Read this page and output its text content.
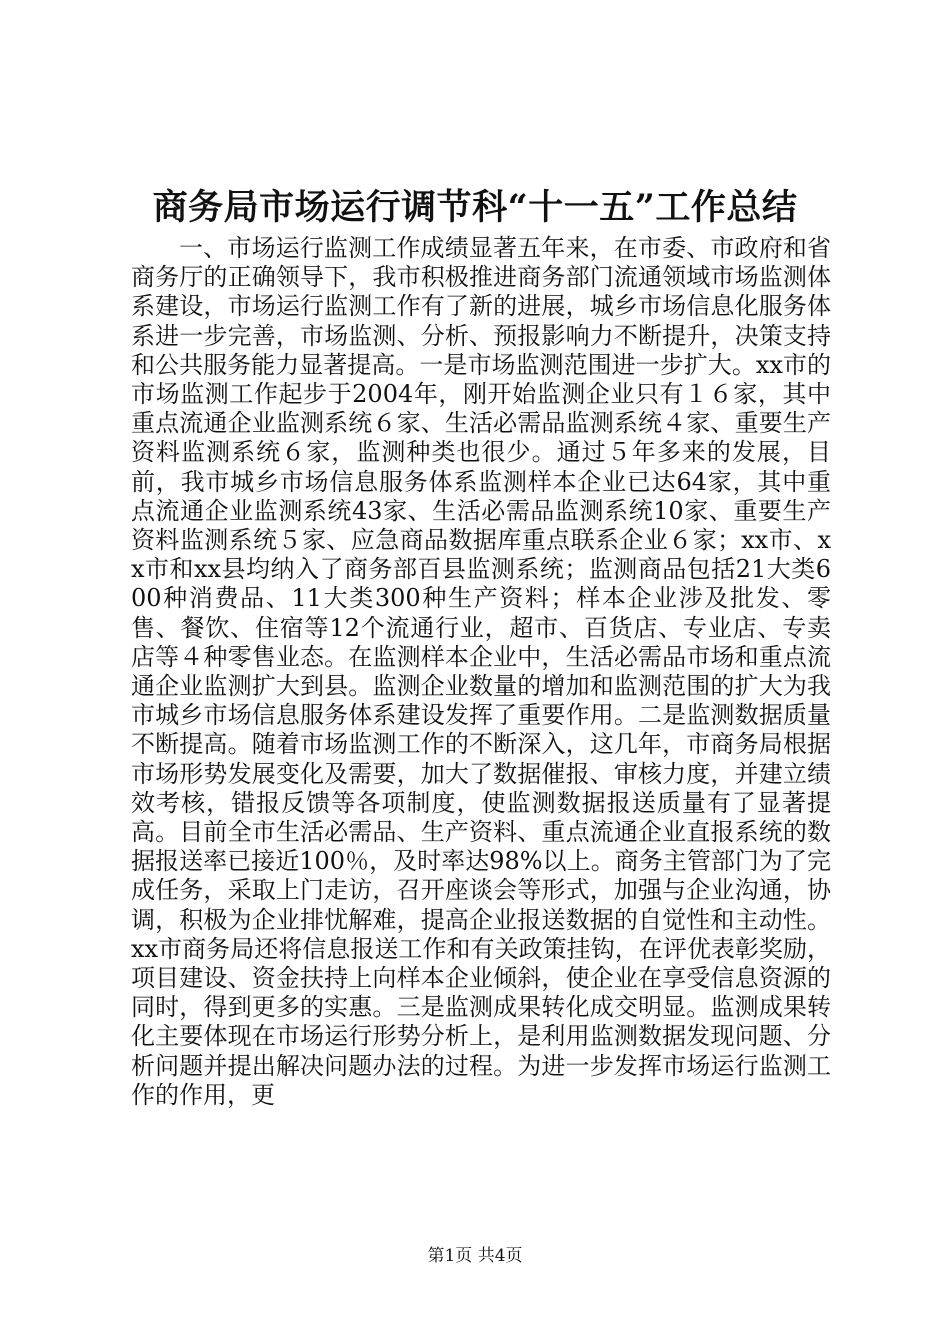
商务局市场运行调节科“十一五”工作总结

一、市场运行监测工作成绩显著五年来，在市委、市政府和省商务厅的正确领导下，我市积极推进商务部门流通领域市场监测体系建设，市场运行监测工作有了新的进展，城乡市场信息化服务体系进一步完善，市场监测、分析、预报影响力不断提升，决策支持和公共服务能力显著提高。一是市场监测范围进一步扩大。xx市的市场监测工作起步于2004年，刚开始监测企业只有１６家，其中重点流通企业监测系统６家、生活必需品监测系统４家、重要生产资料监测系统６家，监测种类也很少。通过５年多来的发展，目前，我市城乡市场信息服务体系监测样本企业已达64家，其中重点流通企业监测系统43家、生活必需品监测系统10家、重要生产资料监测系统５家、应急商品数据库重点联系企业６家；xx市、xx市和xx县均纳入了商务部百县监测系统；监测商品包括21大类600种消费品、11大类300种生产资料；样本企业涉及批发、零售、餐饮、住宿等12个流通行业，超市、百货店、专业店、专卖店等４种零售业态。在监测样本企业中，生活必需品市场和重点流通企业监测扩大到县。监测企业数量的增加和监测范围的扩大为我市城乡市场信息服务体系建设发挥了重要作用。二是监测数据质量不断提高。随着市场监测工作的不断深入，这几年，市商务局根据市场形势发展变化及需要，加大了数据催报、审核力度，并建立绩效考核，错报反馈等各项制度，使监测数据报送质量有了显著提高。目前全市生活必需品、生产资料、重点流通企业直报系统的数据报送率已接近100％，及时率达98%以上。商务主管部门为了完成任务，采取上门走访，召开座谈会等形式，加强与企业沟通，协调，积极为企业排忧解难，提高企业报送数据的自觉性和主动性。xx市商务局还将信息报送工作和有关政策挂钩，在评优表彰奖励，项目建设、资金扶持上向样本企业倾斜，使企业在享受信息资源的同时，得到更多的实惠。三是监测成果转化成交明显。监测成果转化主要体现在市场运行形势分析上，是利用监测数据发现问题、分析问题并提出解决问题办法的过程。为进一步发挥市场运行监测工作的作用，更

第1页 共4页
